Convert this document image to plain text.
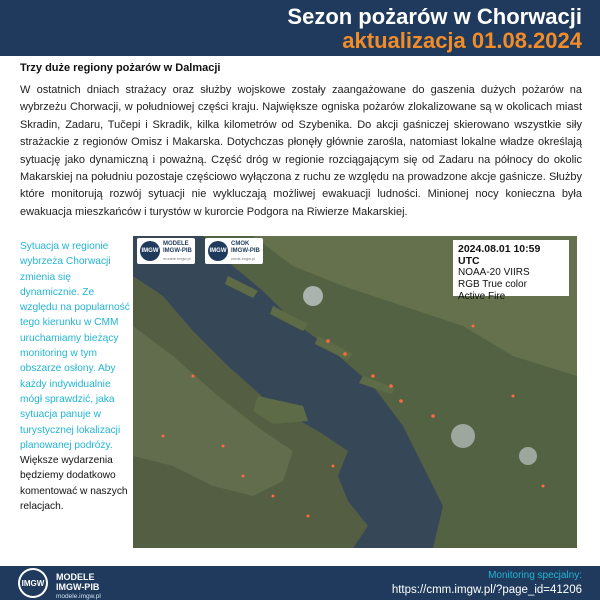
Sezon pożarów w Chorwacji
aktualizacja 01.08.2024
Trzy duże regiony pożarów w Dalmacji
W ostatnich dniach strażacy oraz służby wojskowe zostały zaangażowane do gaszenia dużych pożarów na wybrzeżu Chorwacji, w południowej części kraju. Największe ogniska pożarów zlokalizowane są w okolicach miast Skradin, Zadaru, Tučepi i Skradik, kilka kilometrów od Szybenika. Do akcji gaśniczej skierowano wszystkie siły strażackie z regionów Omisz i Makarska. Dotychczas płonęły głównie zarośla, natomiast lokalne władze określają sytuację jako dynamiczną i poważną. Część dróg w regionie rozciągającym się od Zadaru na północy do okolic Makarskiej na południu pozostaje częściowo wyłączona z ruchu ze względu na prowadzone akcje gaśnicze. Służby które monitorują rozwój sytuacji nie wykluczają możliwej ewakuacji ludności. Minionej nocy konieczna była ewakuacja mieszkańców i turystów w kurorcie Podgora na Riwierze Makarskiej.
Sytuacja w regionie wybrzeża Chorwacji zmienia się dynamicznie. Ze względu na popularność tego kierunku w CMM uruchamiamy bieżący monitoring w tym obszarze osłony. Aby każdy indywidualnie mógł sprawdzić, jaka sytuacja panuje w turystycznej lokalizacji planowanej podróży. Większe wydarzenia będziemy dodatkowo komentować w naszych relacjach.
IMGW
MODELE
IMGW-PIB
modele.imgw.pl
IMGW
CMOK
IMGW-PIB
cmok.imgw.pl
2024.08.01 10:59 UTC
NOAA-20 VIIRS
RGB True color
Active Fire
IMGW
MODELE
IMGW-PIB
modele.imgw.pl
Monitoring specjalny:
https://cmm.imgw.pl/?page_id=41206
